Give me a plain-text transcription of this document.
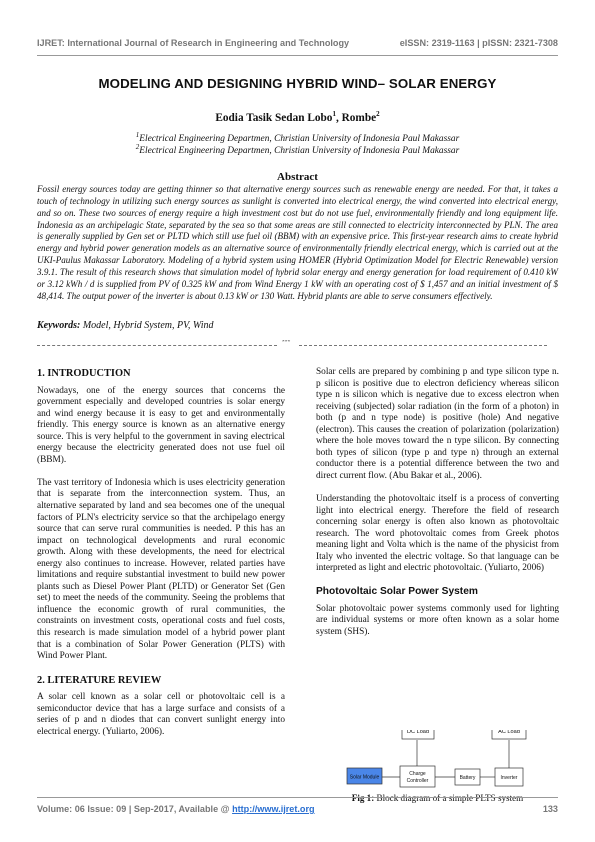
IJRET: International Journal of Research in Engineering and Technology	eISSN: 2319-1163 | pISSN: 2321-7308
MODELING AND DESIGNING HYBRID WIND– SOLAR ENERGY
Eodia Tasik Sedan Lobo$^1$, Rombe$^2$
$^1$Electrical Engineering Departmen, Christian University of Indonesia Paul Makassar
$^2$Electrical Engineering Departmen, Christian University of Indonesia Paul Makassar
Abstract
Fossil energy sources today are getting thinner so that alternative energy sources such as renewable energy are needed. For that, it takes a touch of technology in utilizing such energy sources as sunlight is converted into electrical energy, the wind converted into electrical energy, and so on. These two sources of energy require a high investment cost but do not use fuel, environmentally friendly and long equipment life. Indonesia as an archipelagic State, separated by the sea so that some areas are still connected to electricity interconnected by PLN. The area is generally supplied by Gen set or PLTD which still use fuel oil (BBM) with an expensive price. This first-year research aims to create hybrid energy and hybrid power generation models as an alternative source of environmentally friendly electrical energy, which is carried out at the UKI-Paulus Makassar Laboratory. Modeling of a hybrid system using HOMER (Hybrid Optimization Model for Electric Renewable) version 3.9.1. The result of this research shows that simulation model of hybrid solar energy and energy generation for load requirement of 0.410 kW or 3.12 kWh / d is supplied from PV of 0.325 kW and from Wind Energy 1 kW with an operating cost of $ 1,457 and an initial investment of $ 48,414. The output power of the inverter is about 0.13 kW or 130 Watt. Hybrid plants are able to serve consumers effectively.
Keywords: Model, Hybrid System, PV, Wind
***
1. INTRODUCTION

Nowadays, one of the energy sources that concerns the government especially and developed countries is solar energy and wind energy because it is easy to get and environmentally friendly. This energy source is known as an alternative energy source. This is very helpful to the government in saving electrical energy because the electricity generated does not use fuel oil (BBM).

The vast territory of Indonesia which is uses electricity generation that is separate from the interconnection system. Thus, an alternative separated by land and sea becomes one of the unequal factors of PLN's electricity service so that the archipelago energy source that can serve rural communities is needed. P this has an impact on technological developments and rural economic growth. Along with these developments, the need for electrical energy also continues to increase. However, related parties have limitations and require substantial investment to build new power plants such as Diesel Power Plant (PLTD) or Generator Set (Gen set) to meet the needs of the community. Seeing the problems that influence the economic growth of rural communities, the constraints on investment costs, operational costs and fuel costs, this research is made simulation model of a hybrid power plant that is a combination of Solar Power Generation (PLTS) with Wind Power Plant.

2. LITERATURE REVIEW

A solar cell known as a solar cell or photovoltaic cell is a semiconductor device that has a large surface and consists of a series of p and n diodes that can convert sunlight energy into electrical energy. (Yuliarto, 2006).

Solar cells are prepared by combining p and type silicon type n. p silicon is positive due to electron deficiency whereas silicon type n is silicon which is negative due to excess electron when receiving (subjected) solar radiation (in the form of a photon) in both (p and n type node) is positive (hole) And negative (electron). This causes the creation of polarization (polarization) where the hole moves toward the n type silicon. By connecting both types of silicon (type p and type n) through an external conductor there is a potential difference between the two and direct current flow. (Abu Bakar et al., 2006).

Understanding the photovoltaic itself is a process of converting light into electrical energy. Therefore the field of research concerning solar energy is often also known as photovoltaic research. The word photovoltaic comes from Greek photos meaning light and Volta which is the name of the physicist from Italy who invented the electric voltage. So that language can be interpreted as light and electric photovoltaic. (Yuliarto, 2006)

Photovoltaic Solar Power System

Solar photovoltaic power systems commonly used for lighting are individual systems or more often known as a solar home system (SHS).

DC Load	AC Load
Solar Module
Charge
Controller	Battery	Inverter
Fig 1: Block diagram of a simple PLTS system
Volume: 06 Issue: 09 | Sep-2017, Available @ http://www.ijret.org	133
